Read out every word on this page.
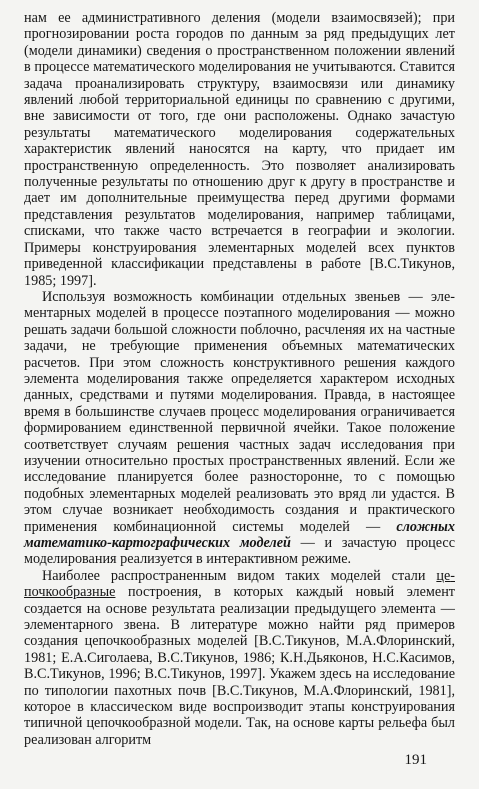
нам ее административного деления (модели взаимосвязей); при прогнозировании роста городов по данным за ряд предыдущих лет (модели динамики) сведения о пространственном положении явлений в процессе математического моделирования не учитываются. Ставится задача проанализировать структуру, взаимосвязи или динамику явлений любой территориальной единицы по сравнению с другими, вне зависимости от того, где они расположены. Однако зачастую результаты математического моделирования содержательных характеристик явлений наносятся на карту, что придает им пространственную определенность. Это позволяет анализировать полученные результаты по отношению друг к другу в пространстве и дает им дополнительные преимущества перед другими формами представления результатов моделирования, например таблицами, списками, что также часто встречается в географии и экологии. Примеры конструирования элементарных моделей всех пунктов приведенной классификации представлены в работе [В.С.Тикунов, 1985; 1997].

Используя возможность комбинации отдельных звеньев — элементарных моделей в процессе поэтапного моделирования — можно решать задачи большой сложности поблочно, расчленяя их на частные задачи, не требующие применения объемных математических расчетов. При этом сложность конструктивного решения каждого элемента моделирования также определяется характером исходных данных, средствами и путями моделирования. Правда, в настоящее время в большинстве случаев процесс моделирования ограничивается формированием единственной первичной ячейки. Такое положение соответствует случаям решения частных задач исследования при изучении относительно простых пространственных явлений. Если же исследование планируется более разносторонне, то с помощью подобных элементарных моделей реализовать это вряд ли удастся. В этом случае возникает необходимость создания и практического применения комбинационной системы моделей — сложных математико-картографических моделей — и зачастую процесс моделирования реализуется в интерактивном режиме.

Наиболее распространенным видом таких моделей стали цепочкообразные построения, в которых каждый новый элемент создается на основе результата реализации предыдущего элемента — элементарного звена. В литературе можно найти ряд примеров создания цепочкообразных моделей [В.С.Тикунов, М.А.Флоринский, 1981; Е.А.Сиголаева, В.С.Тикунов, 1986; К.Н.Дьяконов, Н.С.Касимов, В.С.Тикунов, 1996; В.С.Тикунов, 1997]. Укажем здесь на исследование по типологии пахотных почв [В.С.Тикунов, М.А.Флоринский, 1981], которое в классическом виде воспроизводит этапы конструирования типичной цепочкообразной модели. Так, на основе карты рельефа был реализован алгоритм

191
